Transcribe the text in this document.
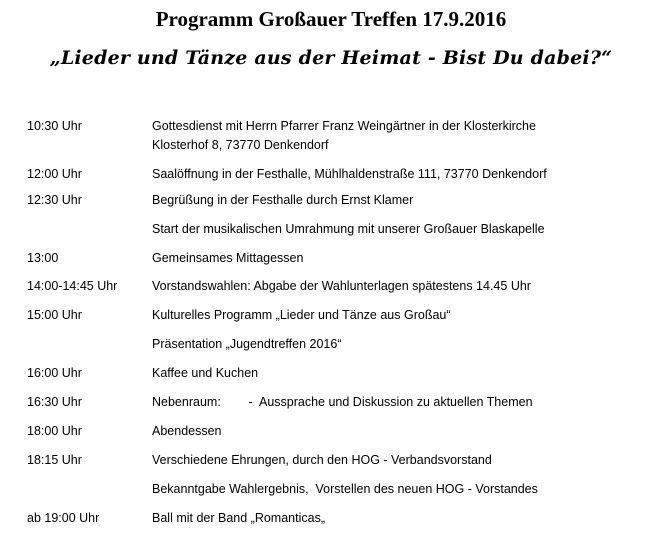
Programm Großauer Treffen 17.9.2016
„Lieder und Tänze aus der Heimat - Bist Du dabei?“
10:30 Uhr	Gottesdienst mit Herrn Pfarrer Franz Weingärtner in der Klosterkirche
Klosterhof 8, 73770 Denkendorf
12:00 Uhr	Saalöffnung in der Festhalle, Mühlhaldenstraße 111, 73770 Denkendorf
12:30 Uhr	Begrüßung in der Festhalle durch Ernst Klamer
Start der musikalischen Umrahmung mit unserer Großauer Blaskapelle
13:00	Gemeinsames Mittagessen
14:00-14:45 Uhr	Vorstandswahlen: Abgabe der Wahlunterlagen spätestens 14.45 Uhr
15:00 Uhr	Kulturelles Programm „Lieder und Tänze aus Großau“
Präsentation „Jugendtreffen 2016“
16:00 Uhr	Kaffee und Kuchen
16:30 Uhr	Nebenraum:        -  Aussprache und Diskussion zu aktuellen Themen
18:00 Uhr	Abendessen
18:15 Uhr	Verschiedene Ehrungen, durch den HOG - Verbandsvorstand
Bekanntgabe Wahlergebnis,  Vorstellen des neuen HOG - Vorstandes
ab 19:00 Uhr	Ball mit der Band „Romanticas„
